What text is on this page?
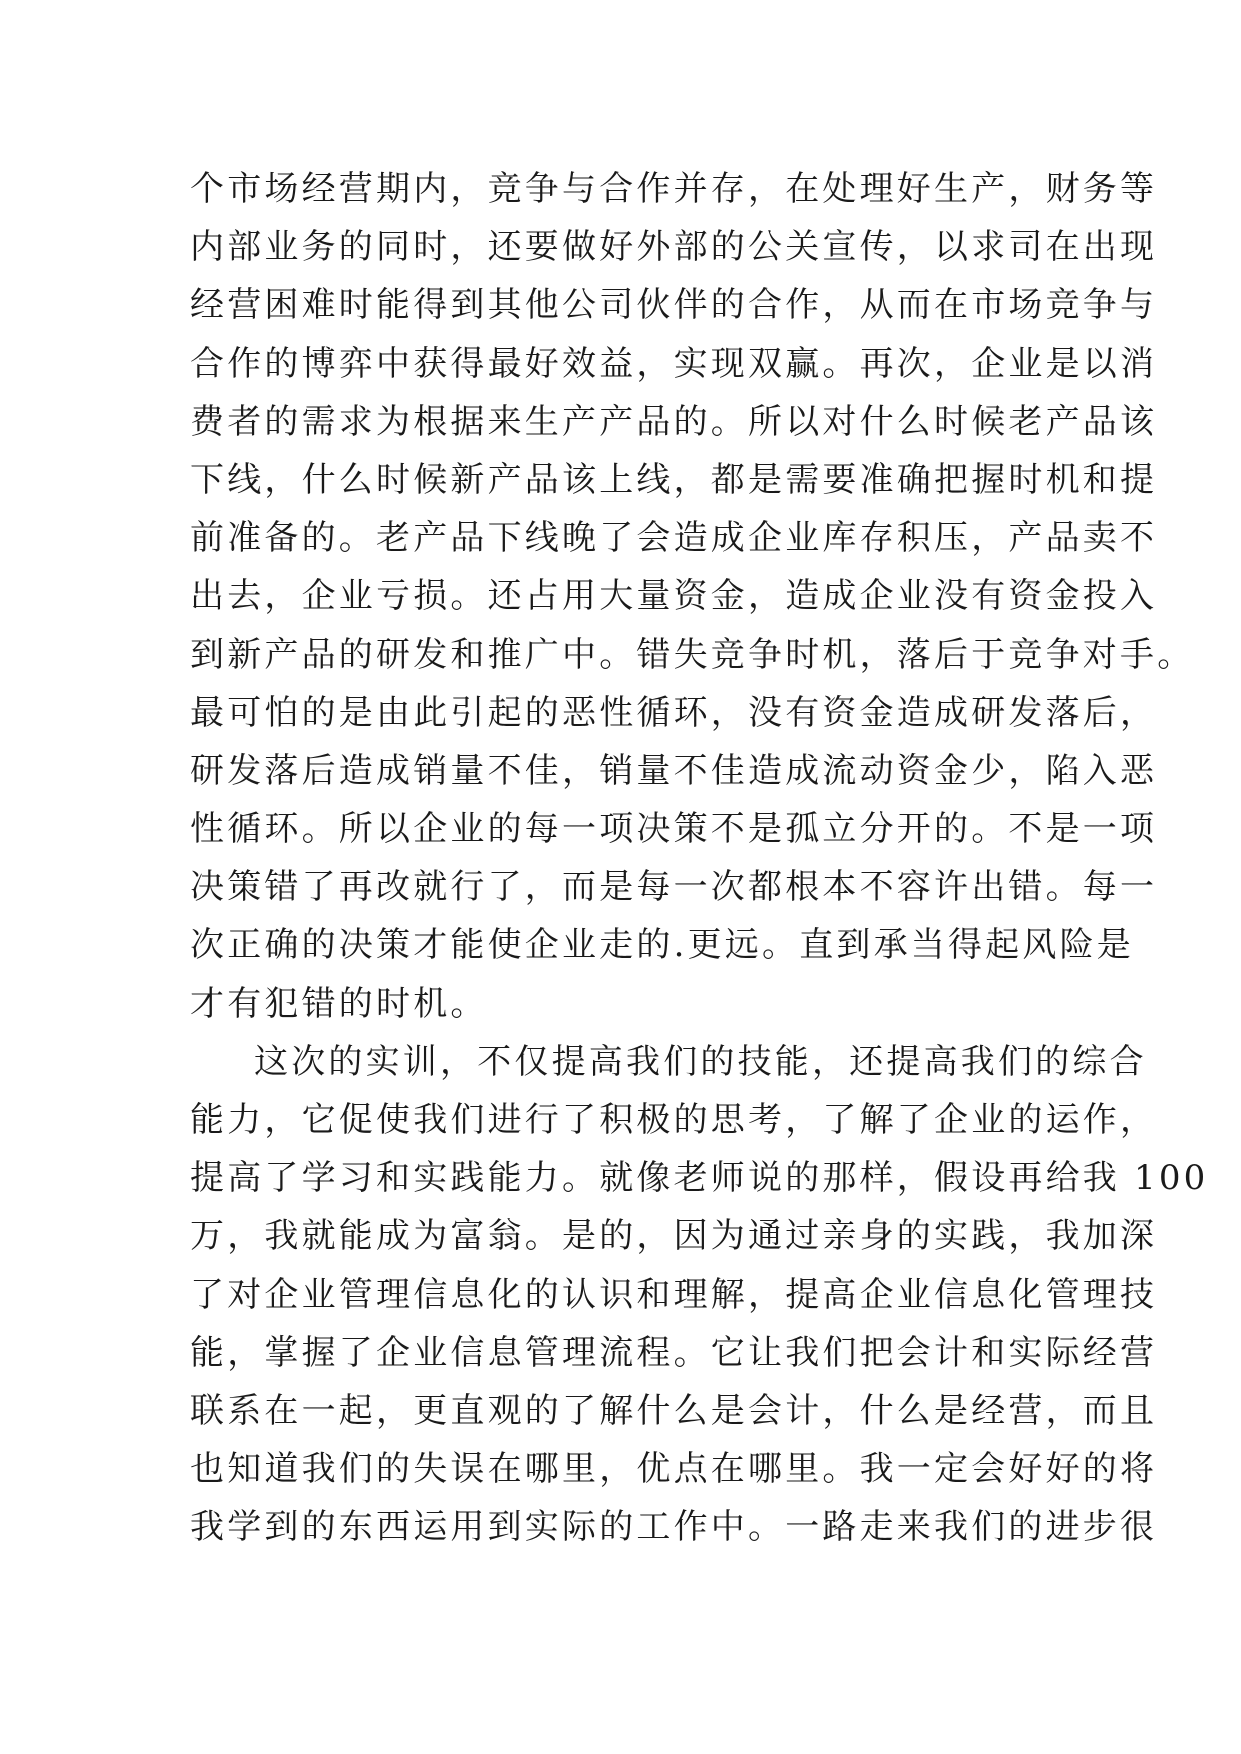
个市场经营期内，竞争与合作并存，在处理好生产，财务等
内部业务的同时，还要做好外部的公关宣传，以求司在出现
经营困难时能得到其他公司伙伴的合作，从而在市场竞争与
合作的博弈中获得最好效益，实现双赢。再次，企业是以消
费者的需求为根据来生产产品的。所以对什么时候老产品该
下线，什么时候新产品该上线，都是需要准确把握时机和提
前准备的。老产品下线晚了会造成企业库存积压，产品卖不
出去，企业亏损。还占用大量资金，造成企业没有资金投入
到新产品的研发和推广中。错失竞争时机，落后于竞争对手。
最可怕的是由此引起的恶性循环，没有资金造成研发落后，
研发落后造成销量不佳，销量不佳造成流动资金少，陷入恶
性循环。所以企业的每一项决策不是孤立分开的。不是一项
决策错了再改就行了，而是每一次都根本不容许出错。每一
次正确的决策才能使企业走的.更远。直到承当得起风险是
才有犯错的时机。
这次的实训，不仅提高我们的技能，还提高我们的综合
能力，它促使我们进行了积极的思考，了解了企业的运作，
提高了学习和实践能力。就像老师说的那样，假设再给我 100
万，我就能成为富翁。是的，因为通过亲身的实践，我加深
了对企业管理信息化的认识和理解，提高企业信息化管理技
能，掌握了企业信息管理流程。它让我们把会计和实际经营
联系在一起，更直观的了解什么是会计，什么是经营，而且
也知道我们的失误在哪里，优点在哪里。我一定会好好的将
我学到的东西运用到实际的工作中。一路走来我们的进步很
